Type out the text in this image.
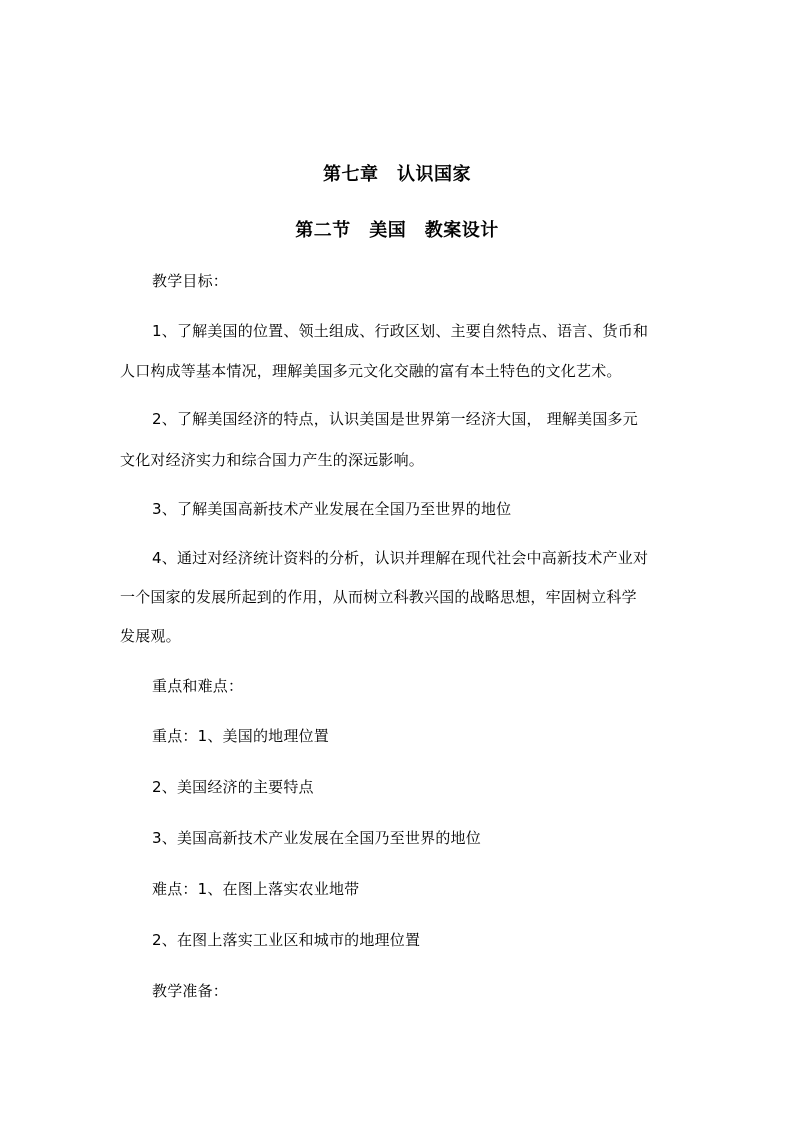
第七章　认识国家
第二节　美国　教案设计

教学目标：

1、了解美国的位置、领土组成、行政区划、主要自然特点、语言、货币和

人口构成等基本情况，理解美国多元文化交融的富有本土特色的文化艺术。

2、了解美国经济的特点，认识美国是世界第一经济大国， 理解美国多元

文化对经济实力和综合国力产生的深远影响。

3、了解美国高新技术产业发展在全国乃至世界的地位

4、通过对经济统计资料的分析，认识并理解在现代社会中高新技术产业对

一个国家的发展所起到的作用，从而树立科教兴国的战略思想，牢固树立科学

发展观。

重点和难点：

重点：1、美国的地理位置

2、美国经济的主要特点

3、美国高新技术产业发展在全国乃至世界的地位

难点：1、在图上落实农业地带

2、在图上落实工业区和城市的地理位置

教学准备：
